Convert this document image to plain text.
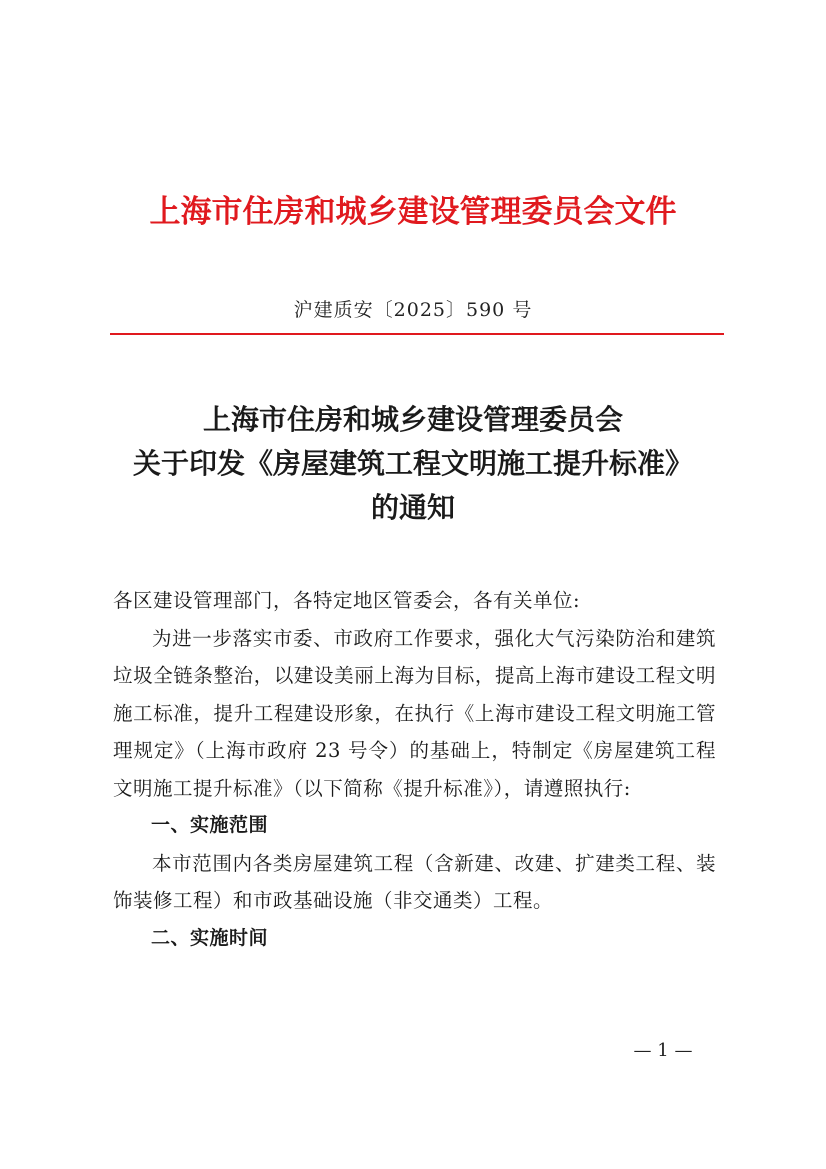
上海市住房和城乡建设管理委员会文件
沪建质安〔2025〕590 号
上海市住房和城乡建设管理委员会
关于印发《房屋建筑工程文明施工提升标准》
的通知

各区建设管理部门，各特定地区管委会，各有关单位:

为进一步落实市委、市政府工作要求，强化大气污染防治和建筑垃圾全链条整治，以建设美丽上海为目标，提高上海市建设工程文明施工标准，提升工程建设形象，在执行《上海市建设工程文明施工管理规定》（上海市政府 23 号令）的基础上，特制定《房屋建筑工程文明施工提升标准》（以下简称《提升标准》），请遵照执行:

一、实施范围

本市范围内各类房屋建筑工程（含新建、改建、扩建类工程、装饰装修工程）和市政基础设施（非交通类）工程。

二、实施时间

— 1 —
